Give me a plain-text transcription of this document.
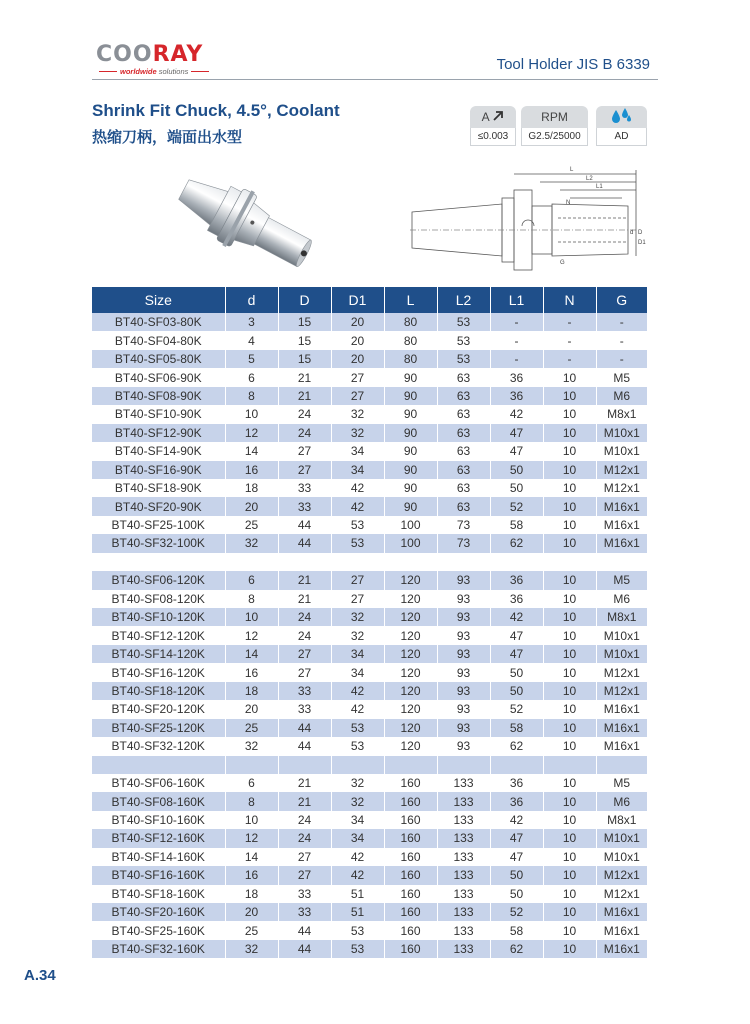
COORAY
worldwide
solutions	Tool Holder JIS B 6339
Shrink Fit Chuck, 4.5°, Coolant
热缩刀柄，端面出水型
A
≤0.003
RPM
G2.5/25000	AD
L
L2
L1
N
d D
D1
G
Size	d	D	D1	L	L2	L1	N	G
BT40-SF03-80K	3	15	20	80	53	-	-	-
BT40-SF04-80K	4	15	20	80	53	-	-	-
BT40-SF05-80K	5	15	20	80	53	-	-	-
BT40-SF06-90K	6	21	27	90	63	36	10	M5
BT40-SF08-90K	8	21	27	90	63	36	10	M6
BT40-SF10-90K	10	24	32	90	63	42	10	M8x1
BT40-SF12-90K	12	24	32	90	63	47	10	M10x1
BT40-SF14-90K	14	27	34	90	63	47	10	M10x1
BT40-SF16-90K	16	27	34	90	63	50	10	M12x1
BT40-SF18-90K	18	33	42	90	63	50	10	M12x1
BT40-SF20-90K	20	33	42	90	63	52	10	M16x1
BT40-SF25-100K	25	44	53	100	73	58	10	M16x1
BT40-SF32-100K	32	44	53	100	73	62	10	M16x1

BT40-SF06-120K	6	21	27	120	93	36	10	M5
BT40-SF08-120K	8	21	27	120	93	36	10	M6
BT40-SF10-120K	10	24	32	120	93	42	10	M8x1
BT40-SF12-120K	12	24	32	120	93	47	10	M10x1
BT40-SF14-120K	14	27	34	120	93	47	10	M10x1
BT40-SF16-120K	16	27	34	120	93	50	10	M12x1
BT40-SF18-120K	18	33	42	120	93	50	10	M12x1
BT40-SF20-120K	20	33	42	120	93	52	10	M16x1
BT40-SF25-120K	25	44	53	120	93	58	10	M16x1
BT40-SF32-120K	32	44	53	120	93	62	10	M16x1

BT40-SF06-160K	6	21	32	160	133	36	10	M5
BT40-SF08-160K	8	21	32	160	133	36	10	M6
BT40-SF10-160K	10	24	34	160	133	42	10	M8x1
BT40-SF12-160K	12	24	34	160	133	47	10	M10x1
BT40-SF14-160K	14	27	42	160	133	47	10	M10x1
BT40-SF16-160K	16	27	42	160	133	50	10	M12x1
BT40-SF18-160K	18	33	51	160	133	50	10	M12x1
BT40-SF20-160K	20	33	51	160	133	52	10	M16x1
BT40-SF25-160K	25	44	53	160	133	58	10	M16x1
BT40-SF32-160K	32	44	53	160	133	62	10	M16x1
A.34
